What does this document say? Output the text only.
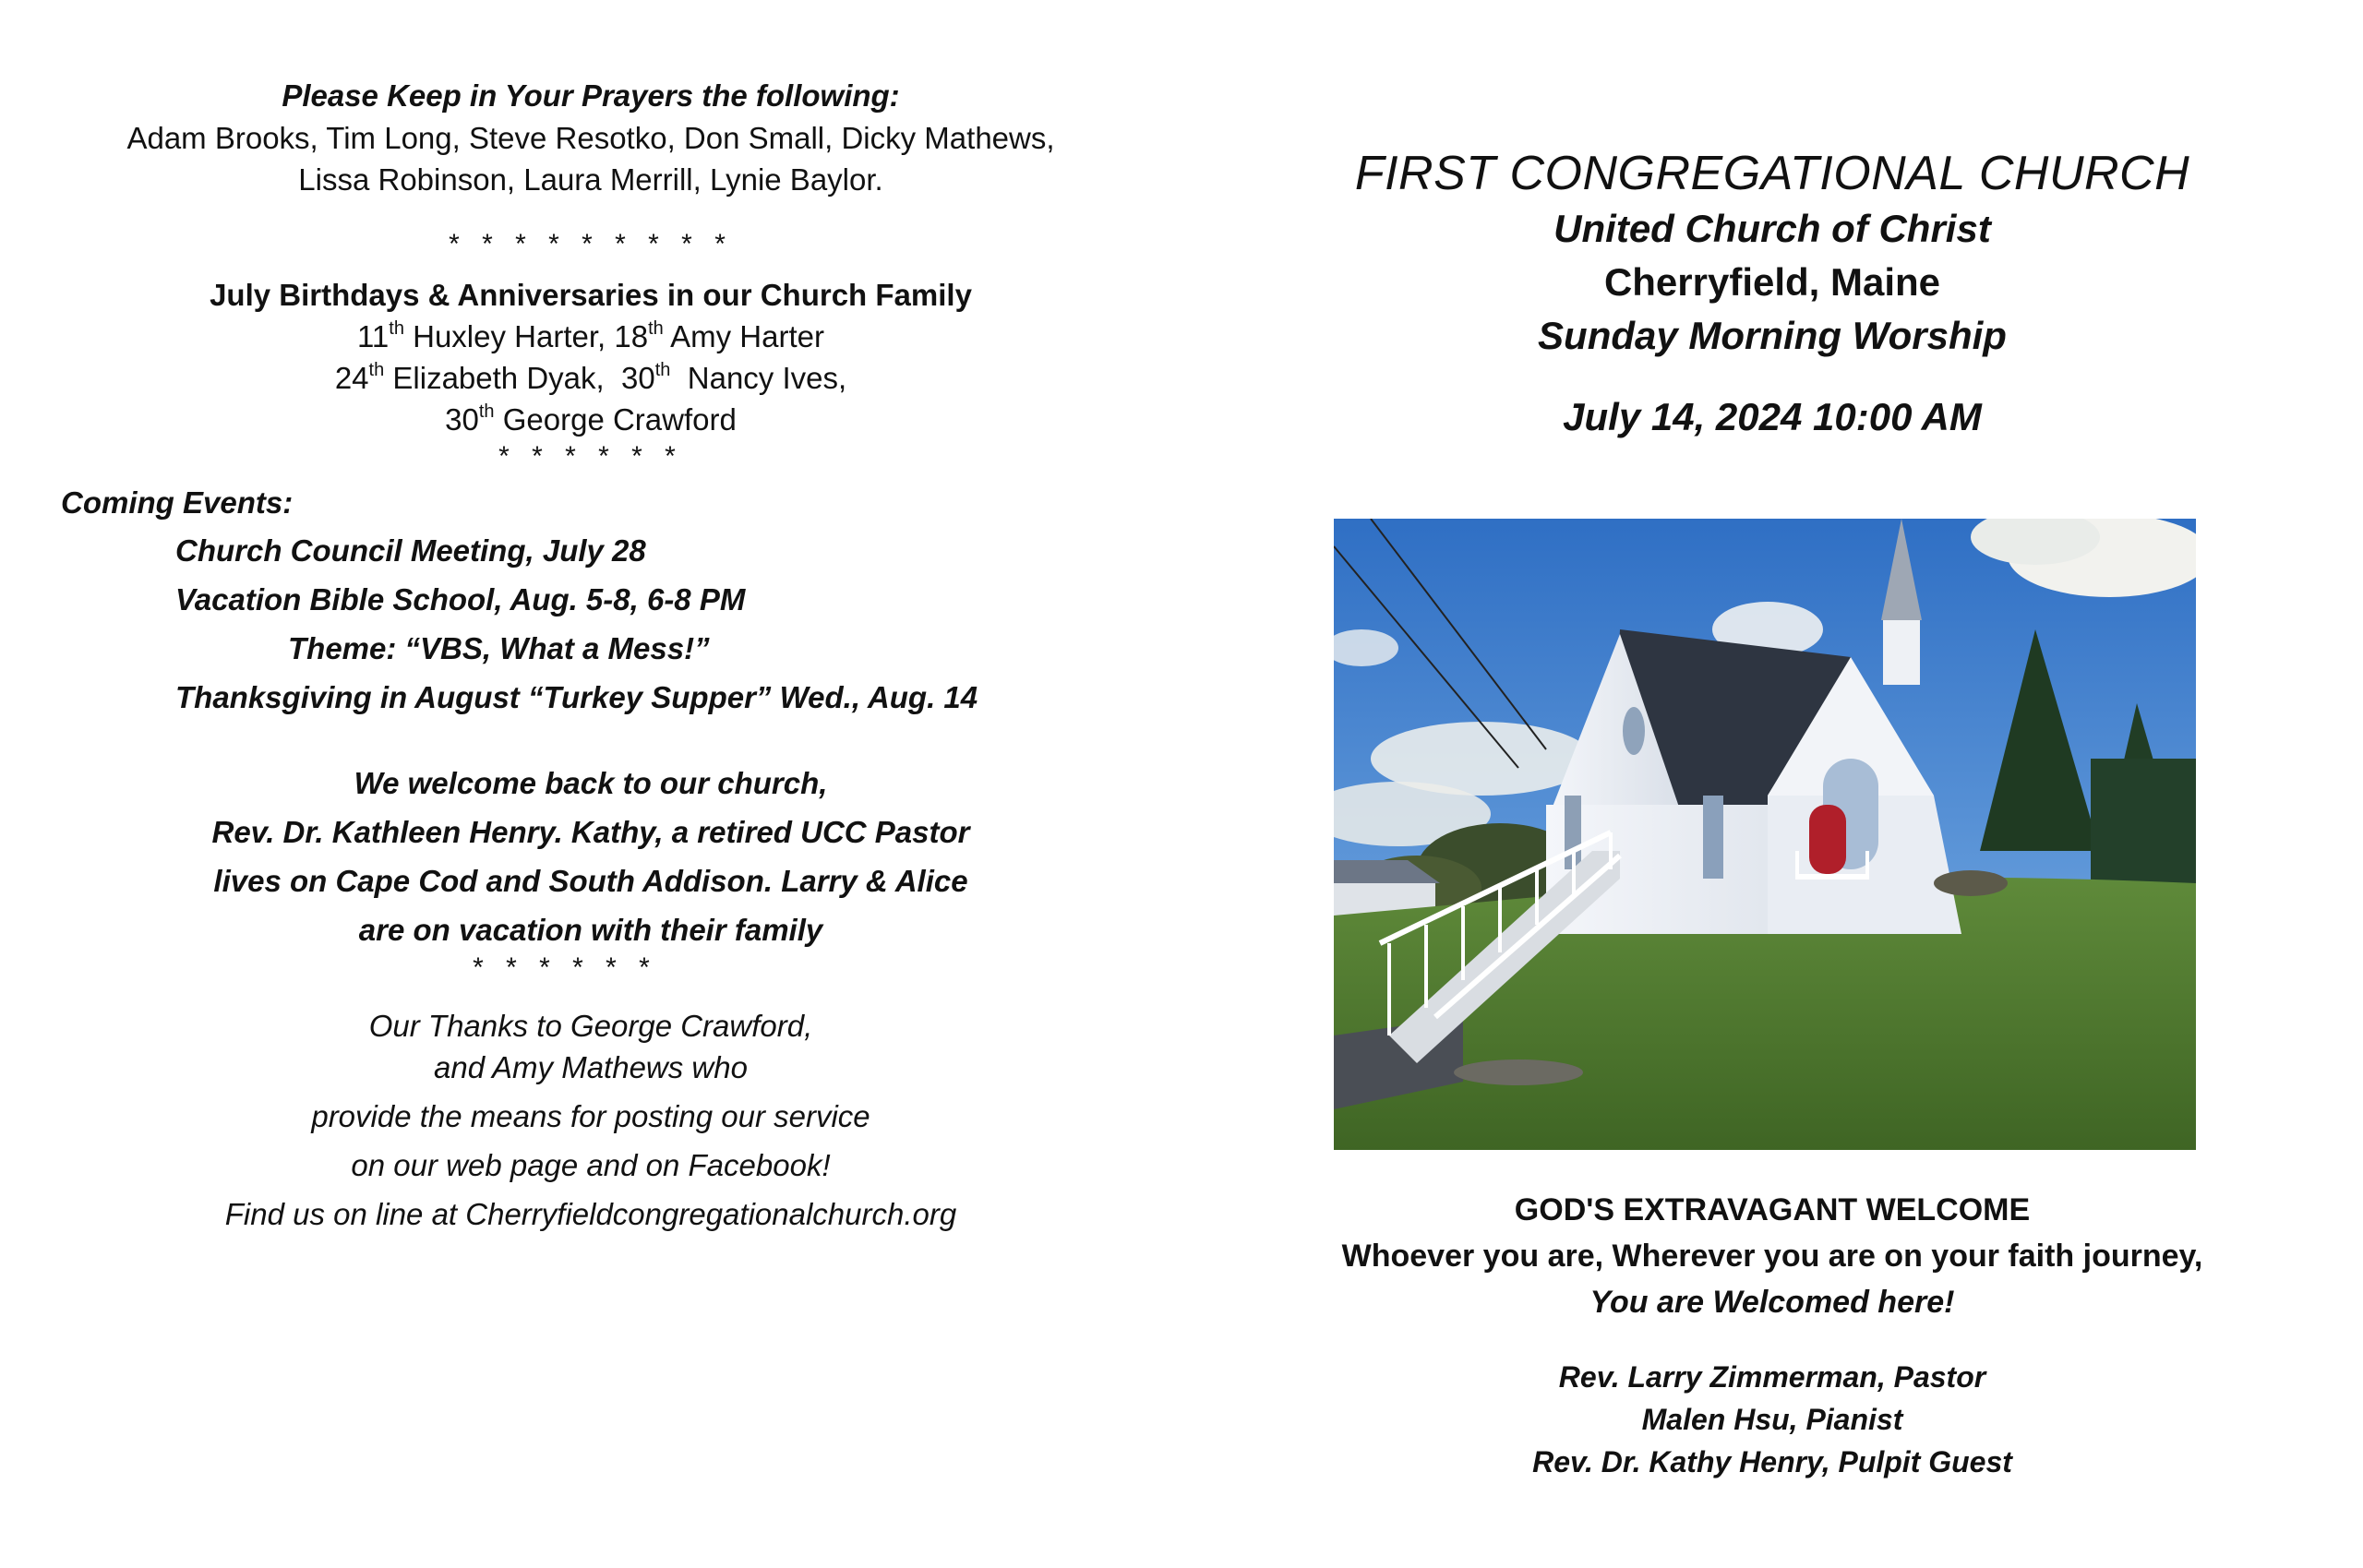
Please Keep in Your Prayers the following:
Adam Brooks, Tim Long, Steve Resotko, Don Small, Dicky Mathews,
Lissa Robinson, Laura Merrill, Lynie Baylor.
* * * * * * * * *
July Birthdays & Anniversaries in our Church Family
11th Huxley Harter, 18th Amy Harter
24th Elizabeth Dyak,  30th  Nancy Ives,
30th George Crawford
* * * * * *
Coming Events:
Church Council Meeting, July 28
Vacation Bible School, Aug. 5-8, 6-8 PM
Theme: “VBS, What a Mess!”
Thanksgiving in August “Turkey Supper” Wed., Aug. 14
We welcome back to our church,
Rev. Dr. Kathleen Henry. Kathy, a retired UCC Pastor
lives on Cape Cod and South Addison. Larry & Alice
are on vacation with their family
* * * * * *
Our Thanks to George Crawford,
and Amy Mathews who
provide the means for posting our service
on our web page and on Facebook!
Find us on line at Cherryfieldcongregationalchurch.org
FIRST CONGREGATIONAL CHURCH
United Church of Christ
Cherryfield, Maine
Sunday Morning Worship
July 14, 2024 10:00 AM
GOD'S EXTRAVAGANT WELCOME
Whoever you are, Wherever you are on your faith journey,
You are Welcomed here!
Rev. Larry Zimmerman, Pastor
Malen Hsu, Pianist
Rev. Dr. Kathy Henry, Pulpit Guest
